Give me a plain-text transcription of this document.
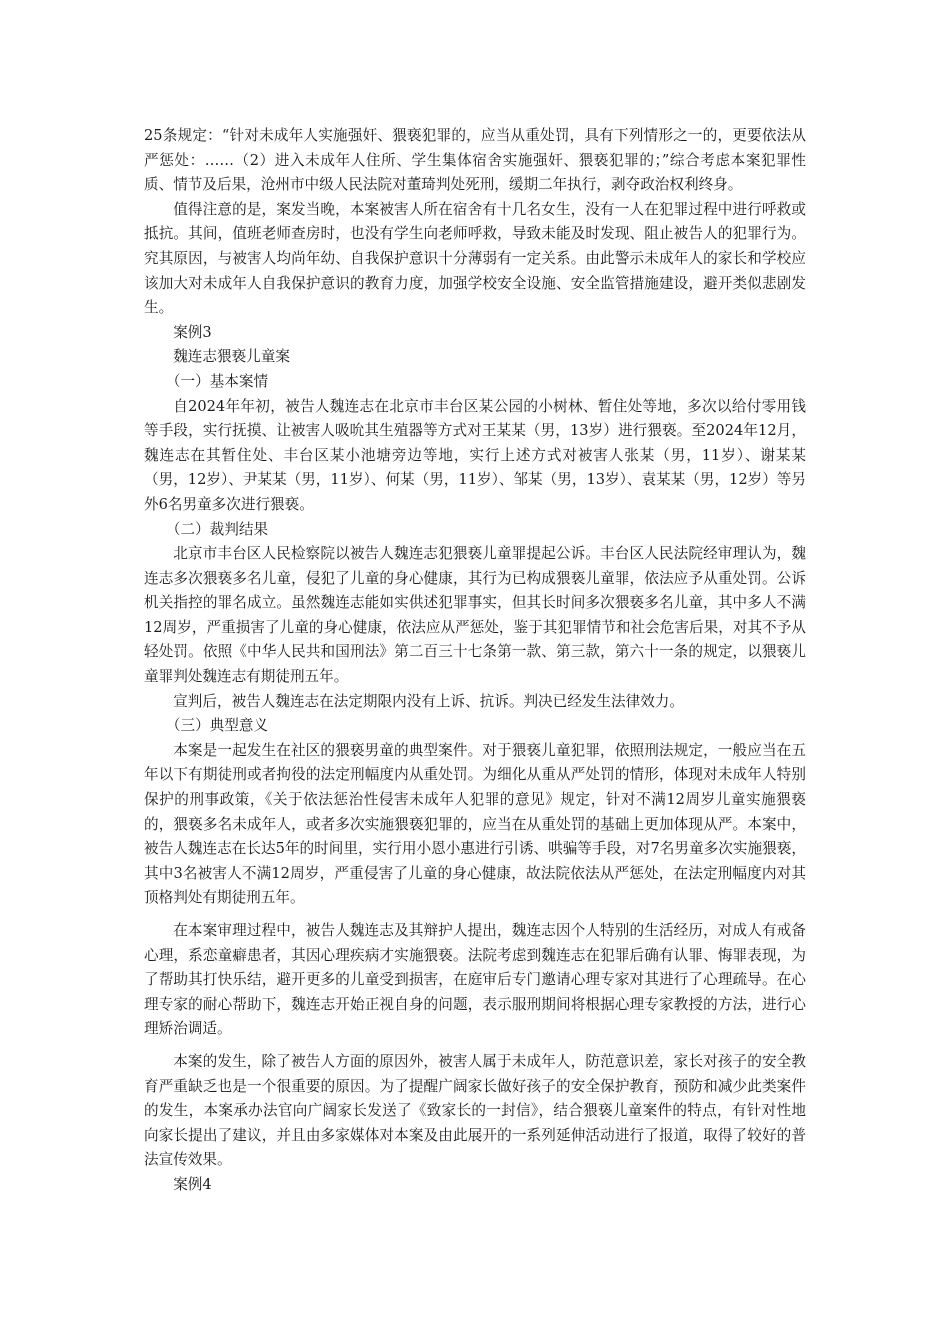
25条规定：“针对未成年人实施强奸、猥亵犯罪的，应当从重处罚，具有下列情形之一的，更要依法从严惩处：……（2）进入未成年人住所、学生集体宿舍实施强奸、猥亵犯罪的；”综合考虑本案犯罪性质、情节及后果，沧州市中级人民法院对董琦判处死刑，缓期二年执行，剥夺政治权利终身。

值得注意的是，案发当晚，本案被害人所在宿舍有十几名女生，没有一人在犯罪过程中进行呼救或抵抗。其间，值班老师查房时，也没有学生向老师呼救，导致未能及时发现、阻止被告人的犯罪行为。究其原因，与被害人均尚年幼、自我保护意识十分薄弱有一定关系。由此警示未成年人的家长和学校应该加大对未成年人自我保护意识的教育力度，加强学校安全设施、安全监管措施建设，避开类似悲剧发生。

案例3

魏连志猥亵儿童案

（一）基本案情

自2024年年初，被告人魏连志在北京市丰台区某公园的小树林、暂住处等地，多次以给付零用钱等手段，实行抚摸、让被害人吸吮其生殖器等方式对王某某（男，13岁）进行猥亵。至2024年12月，魏连志在其暂住处、丰台区某小池塘旁边等地，实行上述方式对被害人张某（男，11岁）、谢某某（男，12岁）、尹某某（男，11岁）、何某（男，11岁）、邹某（男，13岁）、袁某某（男，12岁）等另外6名男童多次进行猥亵。

（二）裁判结果

北京市丰台区人民检察院以被告人魏连志犯猥亵儿童罪提起公诉。丰台区人民法院经审理认为，魏连志多次猥亵多名儿童，侵犯了儿童的身心健康，其行为已构成猥亵儿童罪，依法应予从重处罚。公诉机关指控的罪名成立。虽然魏连志能如实供述犯罪事实，但其长时间多次猥亵多名儿童，其中多人不满12周岁，严重损害了儿童的身心健康，依法应从严惩处，鉴于其犯罪情节和社会危害后果，对其不予从轻处罚。依照《中华人民共和国刑法》第二百三十七条第一款、第三款，第六十一条的规定，以猥亵儿童罪判处魏连志有期徒刑五年。

宣判后，被告人魏连志在法定期限内没有上诉、抗诉。判决已经发生法律效力。

（三）典型意义

本案是一起发生在社区的猥亵男童的典型案件。对于猥亵儿童犯罪，依照刑法规定，一般应当在五年以下有期徒刑或者拘役的法定刑幅度内从重处罚。为细化从重从严处罚的情形，体现对未成年人特别保护的刑事政策，《关于依法惩治性侵害未成年人犯罪的意见》规定，针对不满12周岁儿童实施猥亵的，猥亵多名未成年人，或者多次实施猥亵犯罪的，应当在从重处罚的基础上更加体现从严。本案中，被告人魏连志在长达5年的时间里，实行用小恩小惠进行引诱、哄骗等手段，对7名男童多次实施猥亵，其中3名被害人不满12周岁，严重侵害了儿童的身心健康，故法院依法从严惩处，在法定刑幅度内对其顶格判处有期徒刑五年。

在本案审理过程中，被告人魏连志及其辩护人提出，魏连志因个人特别的生活经历，对成人有戒备心理，系恋童癖患者，其因心理疾病才实施猥亵。法院考虑到魏连志在犯罪后确有认罪、悔罪表现，为了帮助其打快乐结，避开更多的儿童受到损害，在庭审后专门邀请心理专家对其进行了心理疏导。在心理专家的耐心帮助下，魏连志开始正视自身的问题，表示服刑期间将根据心理专家教授的方法，进行心理矫治调适。

本案的发生，除了被告人方面的原因外，被害人属于未成年人，防范意识差，家长对孩子的安全教育严重缺乏也是一个很重要的原因。为了提醒广阔家长做好孩子的安全保护教育，预防和减少此类案件的发生，本案承办法官向广阔家长发送了《致家长的一封信》，结合猥亵儿童案件的特点，有针对性地向家长提出了建议，并且由多家媒体对本案及由此展开的一系列延伸活动进行了报道，取得了较好的普法宣传效果。

案例4
